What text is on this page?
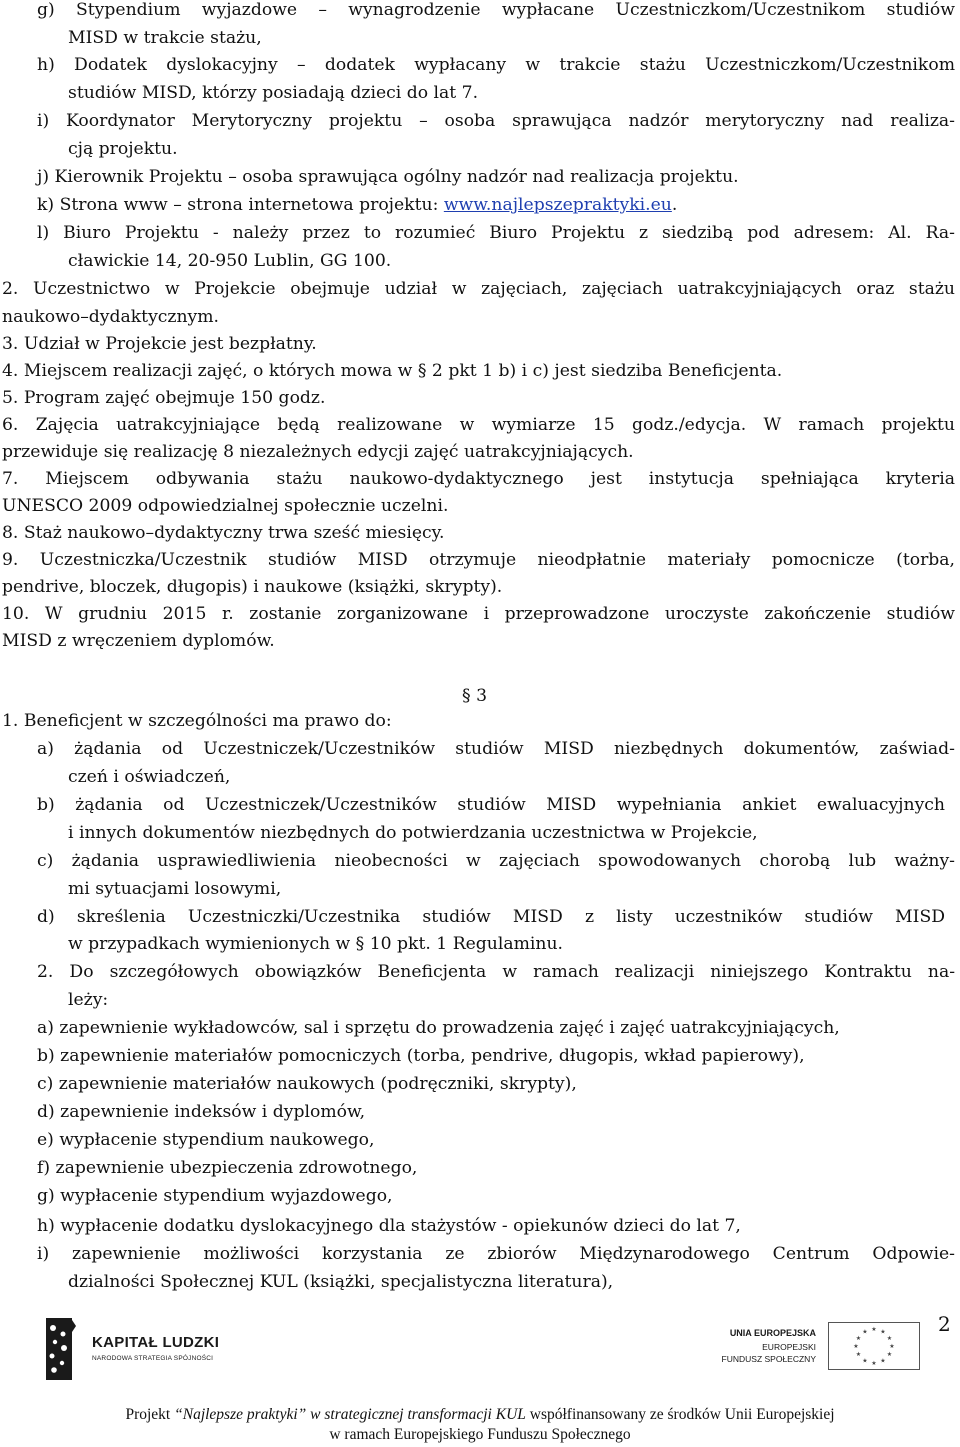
g) Stypendium wyjazdowe – wynagrodzenie wypłacane Uczestniczkom/Uczestnikom studiów
MISD w trakcie stażu,
h) Dodatek dyslokacyjny – dodatek wypłacany w trakcie stażu Uczestniczkom/Uczestnikom
studiów MISD, którzy posiadają dzieci do lat 7.
i) Koordynator Merytoryczny projektu – osoba sprawująca nadzór merytoryczny nad realiza-
cją projektu.
j) Kierownik Projektu – osoba sprawująca ogólny nadzór nad realizacja projektu.
k) Strona www – strona internetowa projektu: www.najlepszepraktyki.eu.
l) Biuro Projektu - należy przez to rozumieć Biuro Projektu z siedzibą pod adresem: Al. Ra-
cławickie 14, 20-950 Lublin, GG 100.
2. Uczestnictwo w Projekcie obejmuje udział w zajęciach, zajęciach uatrakcyjniających oraz stażu
naukowo–dydaktycznym.
3. Udział w Projekcie jest bezpłatny.
4. Miejscem realizacji zajęć, o których mowa w § 2 pkt 1 b) i c) jest siedziba Beneficjenta.
5. Program zajęć obejmuje 150 godz.
6. Zajęcia uatrakcyjniające będą realizowane w wymiarze 15 godz./edycja. W ramach projektu
przewiduje się realizację 8 niezależnych edycji zajęć uatrakcyjniających.
7. Miejscem odbywania stażu naukowo-dydaktycznego jest instytucja spełniająca kryteria
UNESCO 2009 odpowiedzialnej społecznie uczelni.
8. Staż naukowo–dydaktyczny trwa sześć miesięcy.
9. Uczestniczka/Uczestnik studiów MISD otrzymuje nieodpłatnie materiały pomocnicze (torba,
pendrive, bloczek, długopis) i naukowe (książki, skrypty).
10. W grudniu 2015 r. zostanie zorganizowane i przeprowadzone uroczyste zakończenie studiów
MISD z wręczeniem dyplomów.
§ 3
1. Beneficjent w szczególności ma prawo do:
a) żądania od Uczestniczek/Uczestników studiów MISD niezbędnych dokumentów, zaświad-
czeń i oświadczeń,
b) żądania od Uczestniczek/Uczestników studiów MISD wypełniania ankiet ewaluacyjnych
i innych dokumentów niezbędnych do potwierdzania uczestnictwa w Projekcie,
c) żądania usprawiedliwienia nieobecności w zajęciach spowodowanych chorobą lub ważny-
mi sytuacjami losowymi,
d) skreślenia Uczestniczki/Uczestnika studiów MISD z listy uczestników studiów MISD
w przypadkach wymienionych w § 10 pkt. 1 Regulaminu.
2. Do szczegółowych obowiązków Beneficjenta w ramach realizacji niniejszego Kontraktu na-
leży:
a) zapewnienie wykładowców, sal i sprzętu do prowadzenia zajęć i zajęć uatrakcyjniających,
b) zapewnienie materiałów pomocniczych (torba, pendrive, długopis, wkład papierowy),
c) zapewnienie materiałów naukowych (podręczniki, skrypty),
d) zapewnienie indeksów i dyplomów,
e) wypłacenie stypendium naukowego,
f) zapewnienie ubezpieczenia zdrowotnego,
g) wypłacenie stypendium wyjazdowego,
h) wypłacenie dodatku dyslokacyjnego dla stażystów - opiekunów dzieci do lat 7,
i) zapewnienie możliwości korzystania ze zbiorów Międzynarodowego Centrum Odpowie-
dzialności Społecznej KUL (książki, specjalistyczna literatura),
2
KAPITAŁ LUDZKI
NARODOWA STRATEGIA SPÓJNOŚCI
UNIA EUROPEJSKA
EUROPEJSKI
FUNDUSZ SPOŁECZNY
★ ★
★
★
★
★
★
★
★
★
★
★
Projekt “Najlepsze praktyki” w strategicznej transformacji KUL współfinansowany ze środków Unii Europejskiej
w ramach Europejskiego Funduszu Społecznego
